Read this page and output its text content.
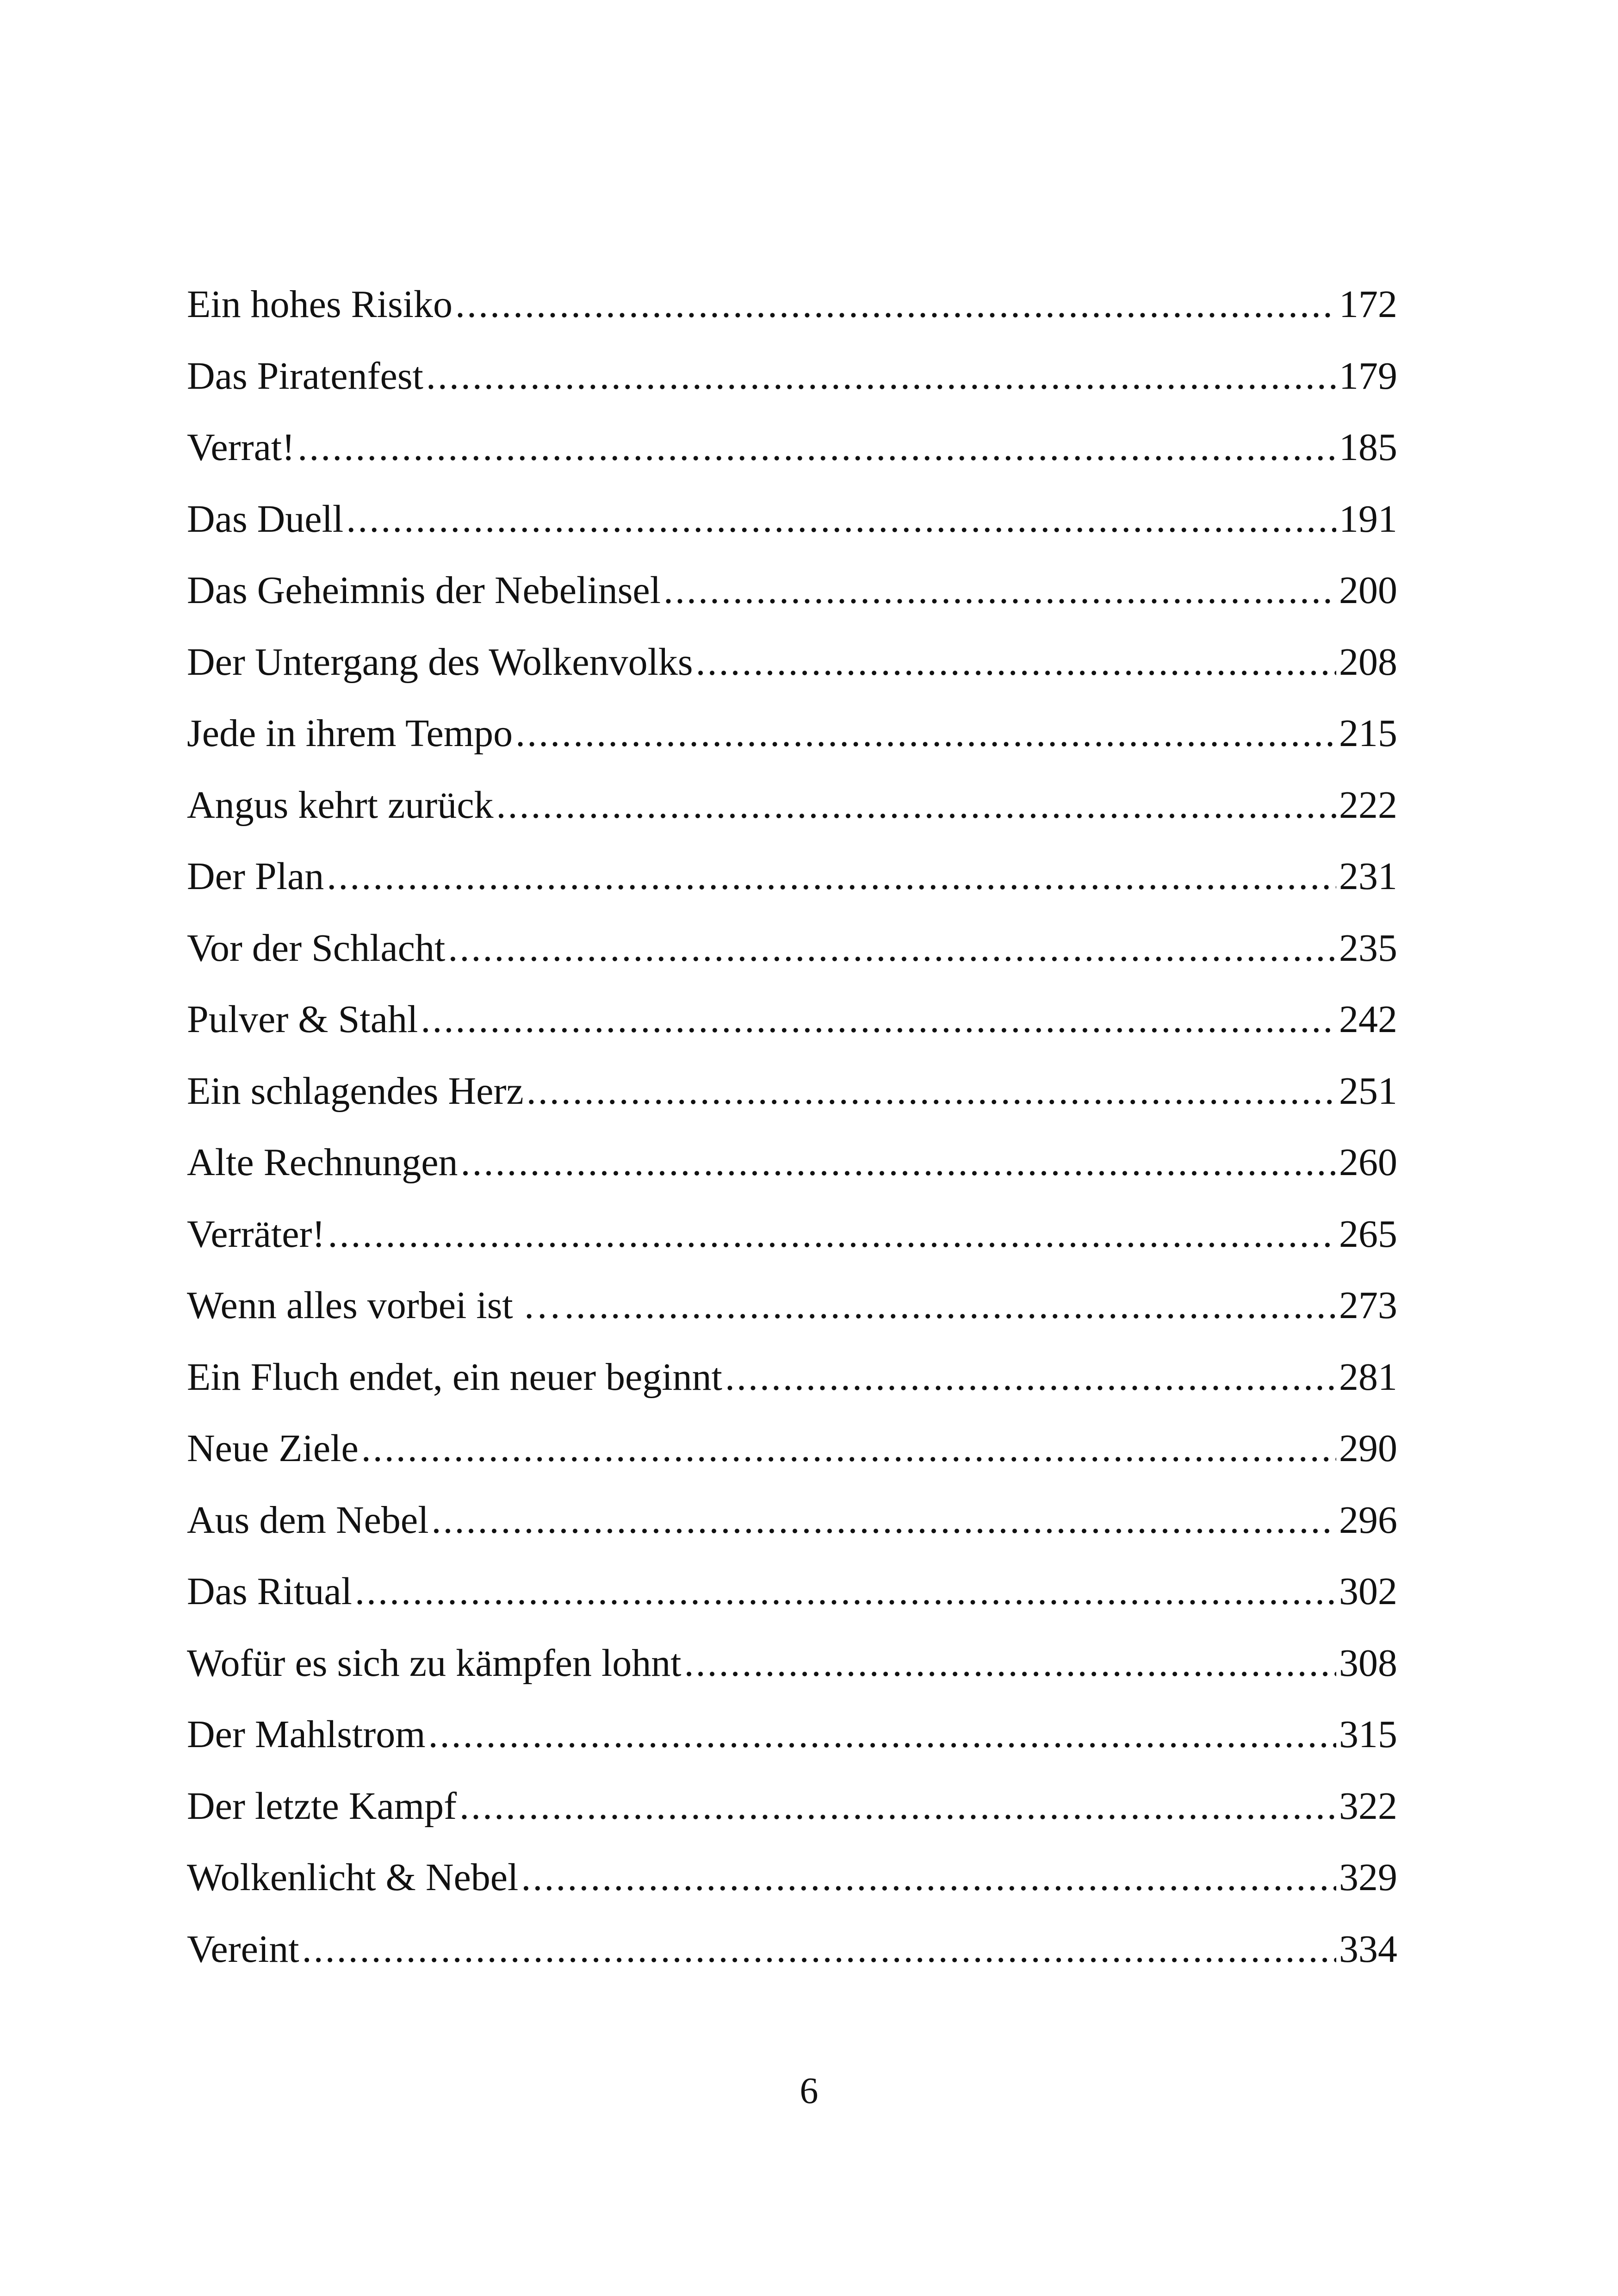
Ein hohes Risiko .....	172
Das Piratenfest .....	179
Verrat! .....	185
Das Duell .....	191
Das Geheimnis der Nebelinsel .....	200
Der Untergang des Wolkenvolks .....	208
Jede in ihrem Tempo .....	215
Angus kehrt zurück .....	222
Der Plan .....	231
Vor der Schlacht .....	235
Pulver & Stahl .....	242
Ein schlagendes Herz .....	251
Alte Rechnungen .....	260
Verräter! .....	265
Wenn alles vorbei ist … .....	273
Ein Fluch endet, ein neuer beginnt .....	281
Neue Ziele .....	290
Aus dem Nebel .....	296
Das Ritual .....	302
Wofür es sich zu kämpfen lohnt .....	308
Der Mahlstrom .....	315
Der letzte Kampf .....	322
Wolkenlicht & Nebel .....	329
Vereint .....	334
6
